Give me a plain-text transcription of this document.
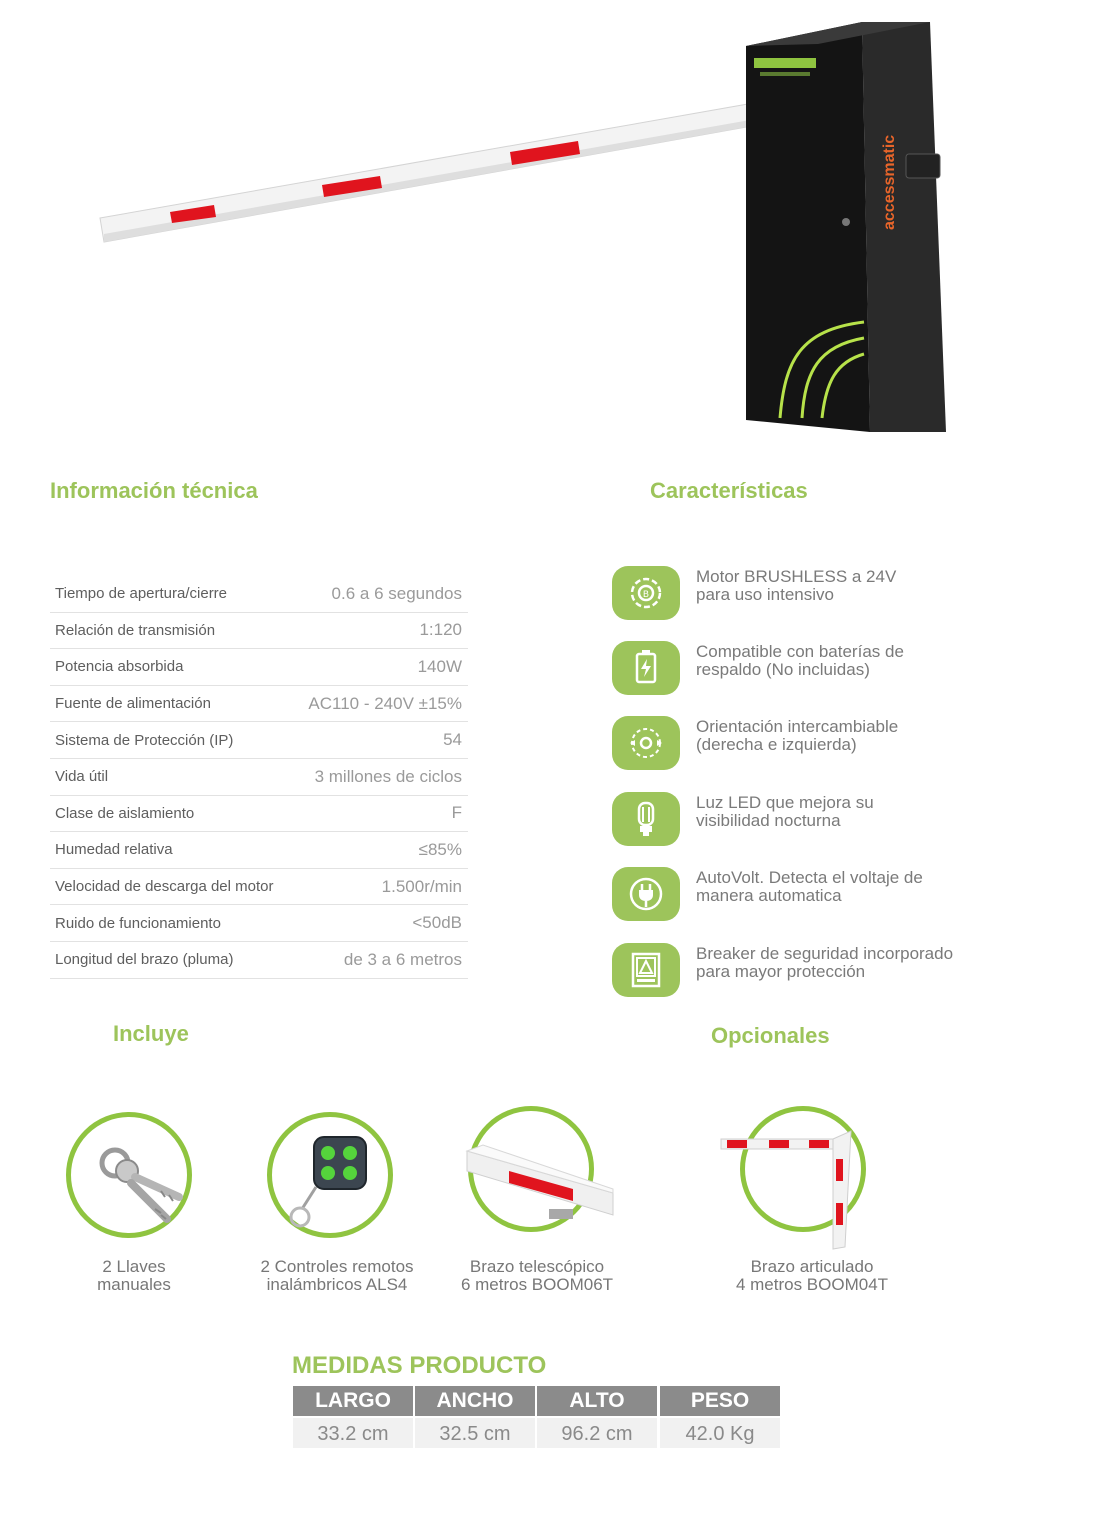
accessmatic
Información técnica	Características
Incluye	Opcionales
Tiempo de apertura/cierre	0.6 a 6 segundos
Relación de transmisión	1:120
Potencia absorbida	140W
Fuente de alimentación	AC110 - 240V ±15%
Sistema de Protección (IP)	54
Vida útil	3 millones de ciclos
Clase de aislamiento	F
Humedad relativa	≤85%
Velocidad de descarga del motor	1.500r/min
Ruido de funcionamiento	<50dB
Longitud del brazo (pluma)	de 3 a 6 metros
B
Motor BRUSHLESS a 24V
para uso intensivo
Compatible con baterías de
respaldo (No incluidas)
Orientación intercambiable
(derecha e izquierda)
Luz LED que mejora su
visibilidad nocturna
AutoVolt. Detecta el voltaje de
manera automatica
Breaker de seguridad incorporado
para mayor protección
2 Llaves
manuales
2 Controles remotos
inalámbricos ALS4
Brazo telescópico
6 metros BOOM06T
Brazo articulado
4 metros BOOM04T
MEDIDAS PRODUCTO
LARGO	ANCHO	ALTO	PESO
33.2 cm	32.5 cm	96.2 cm	42.0 Kg
